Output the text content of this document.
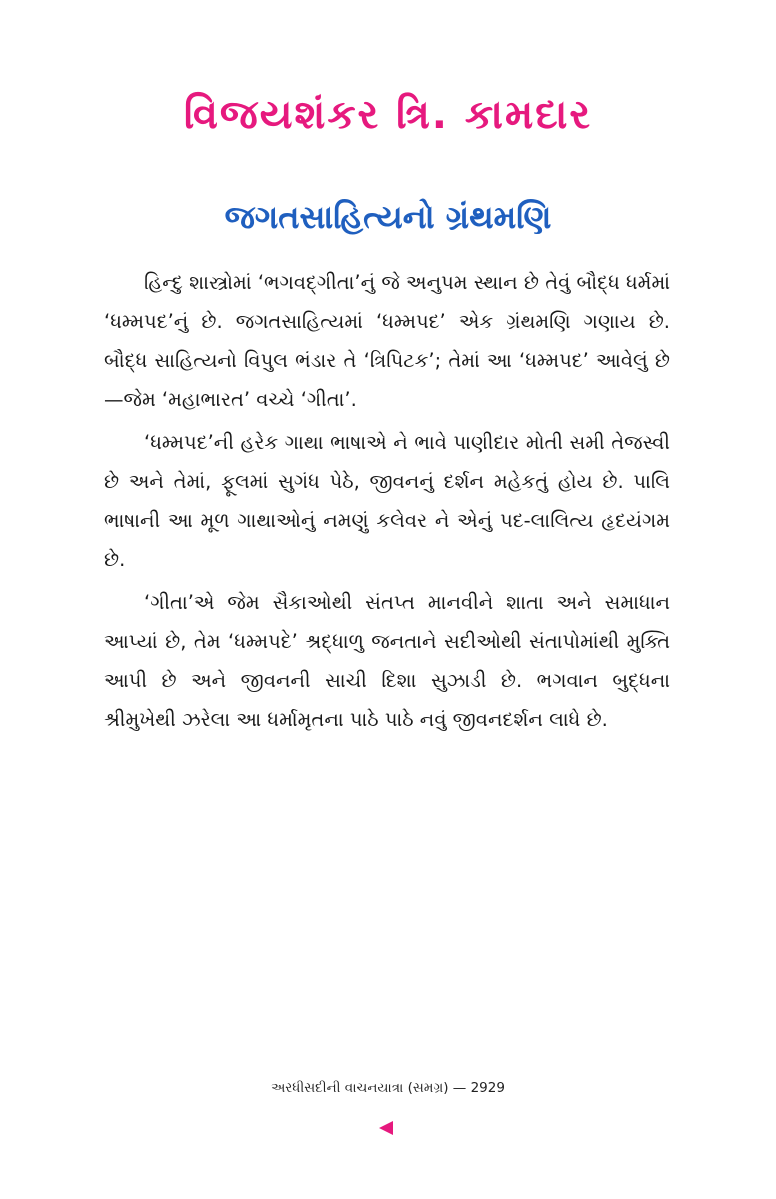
વિજયશંકર ત્રિ. કામદાર
જગતસાહિત્યનો ગ્રંથમણિ

હિન્દુ શાસ્ત્રોમાં ‘ભગવદ્ગીતા’નું જે અનુપમ સ્થાન છે તેવું બૌદ્ધ ધર્મમાં ‘ધમ્મપદ’નું છે. જગતસાહિત્યમાં ‘ધમ્મપદ’ એક ગ્રંથમણિ ગણાય છે. બૌદ્ધ સાહિત્યનો વિપુલ ભંડાર તે ‘ત્રિપિટક’; તેમાં આ ‘ધમ્મપદ’ આવેલું છે—જેમ ‘મહાભારત’ વચ્ચે ‘ગીતા’.

‘ધમ્મપદ’ની હરેક ગાથા ભાષાએ ને ભાવે પાણીદાર મોતી સમી તેજસ્વી છે અને તેમાં, ફૂલમાં સુગંધ પેઠે, જીવનનું દર્શન મહેકતું હોય છે. પાલિ ભાષાની આ મૂળ ગાથાઓનું નમણું કલેવર ને એનું પદ-લાલિત્ય હૃદયંગમ છે.

‘ગીતા’એ જેમ સૈકાઓથી સંતપ્ત માનવીને શાતા અને સમાધાન આપ્યાં છે, તેમ ‘ધમ્મપદે’ શ્રદ્ધાળુ જનતાને સદીઓથી સંતાપોમાંથી મુક્તિ આપી છે અને જીવનની સાચી દિશા સુઝાડી છે. ભગવાન બુદ્ધના શ્રીમુખેથી ઝરેલા આ ધર્મામૃતના પાઠે પાઠે નવું જીવનદર્શન લાધે છે.

અરધીસદીની વાચનયાત્રા (સમગ્ર) — 2929
